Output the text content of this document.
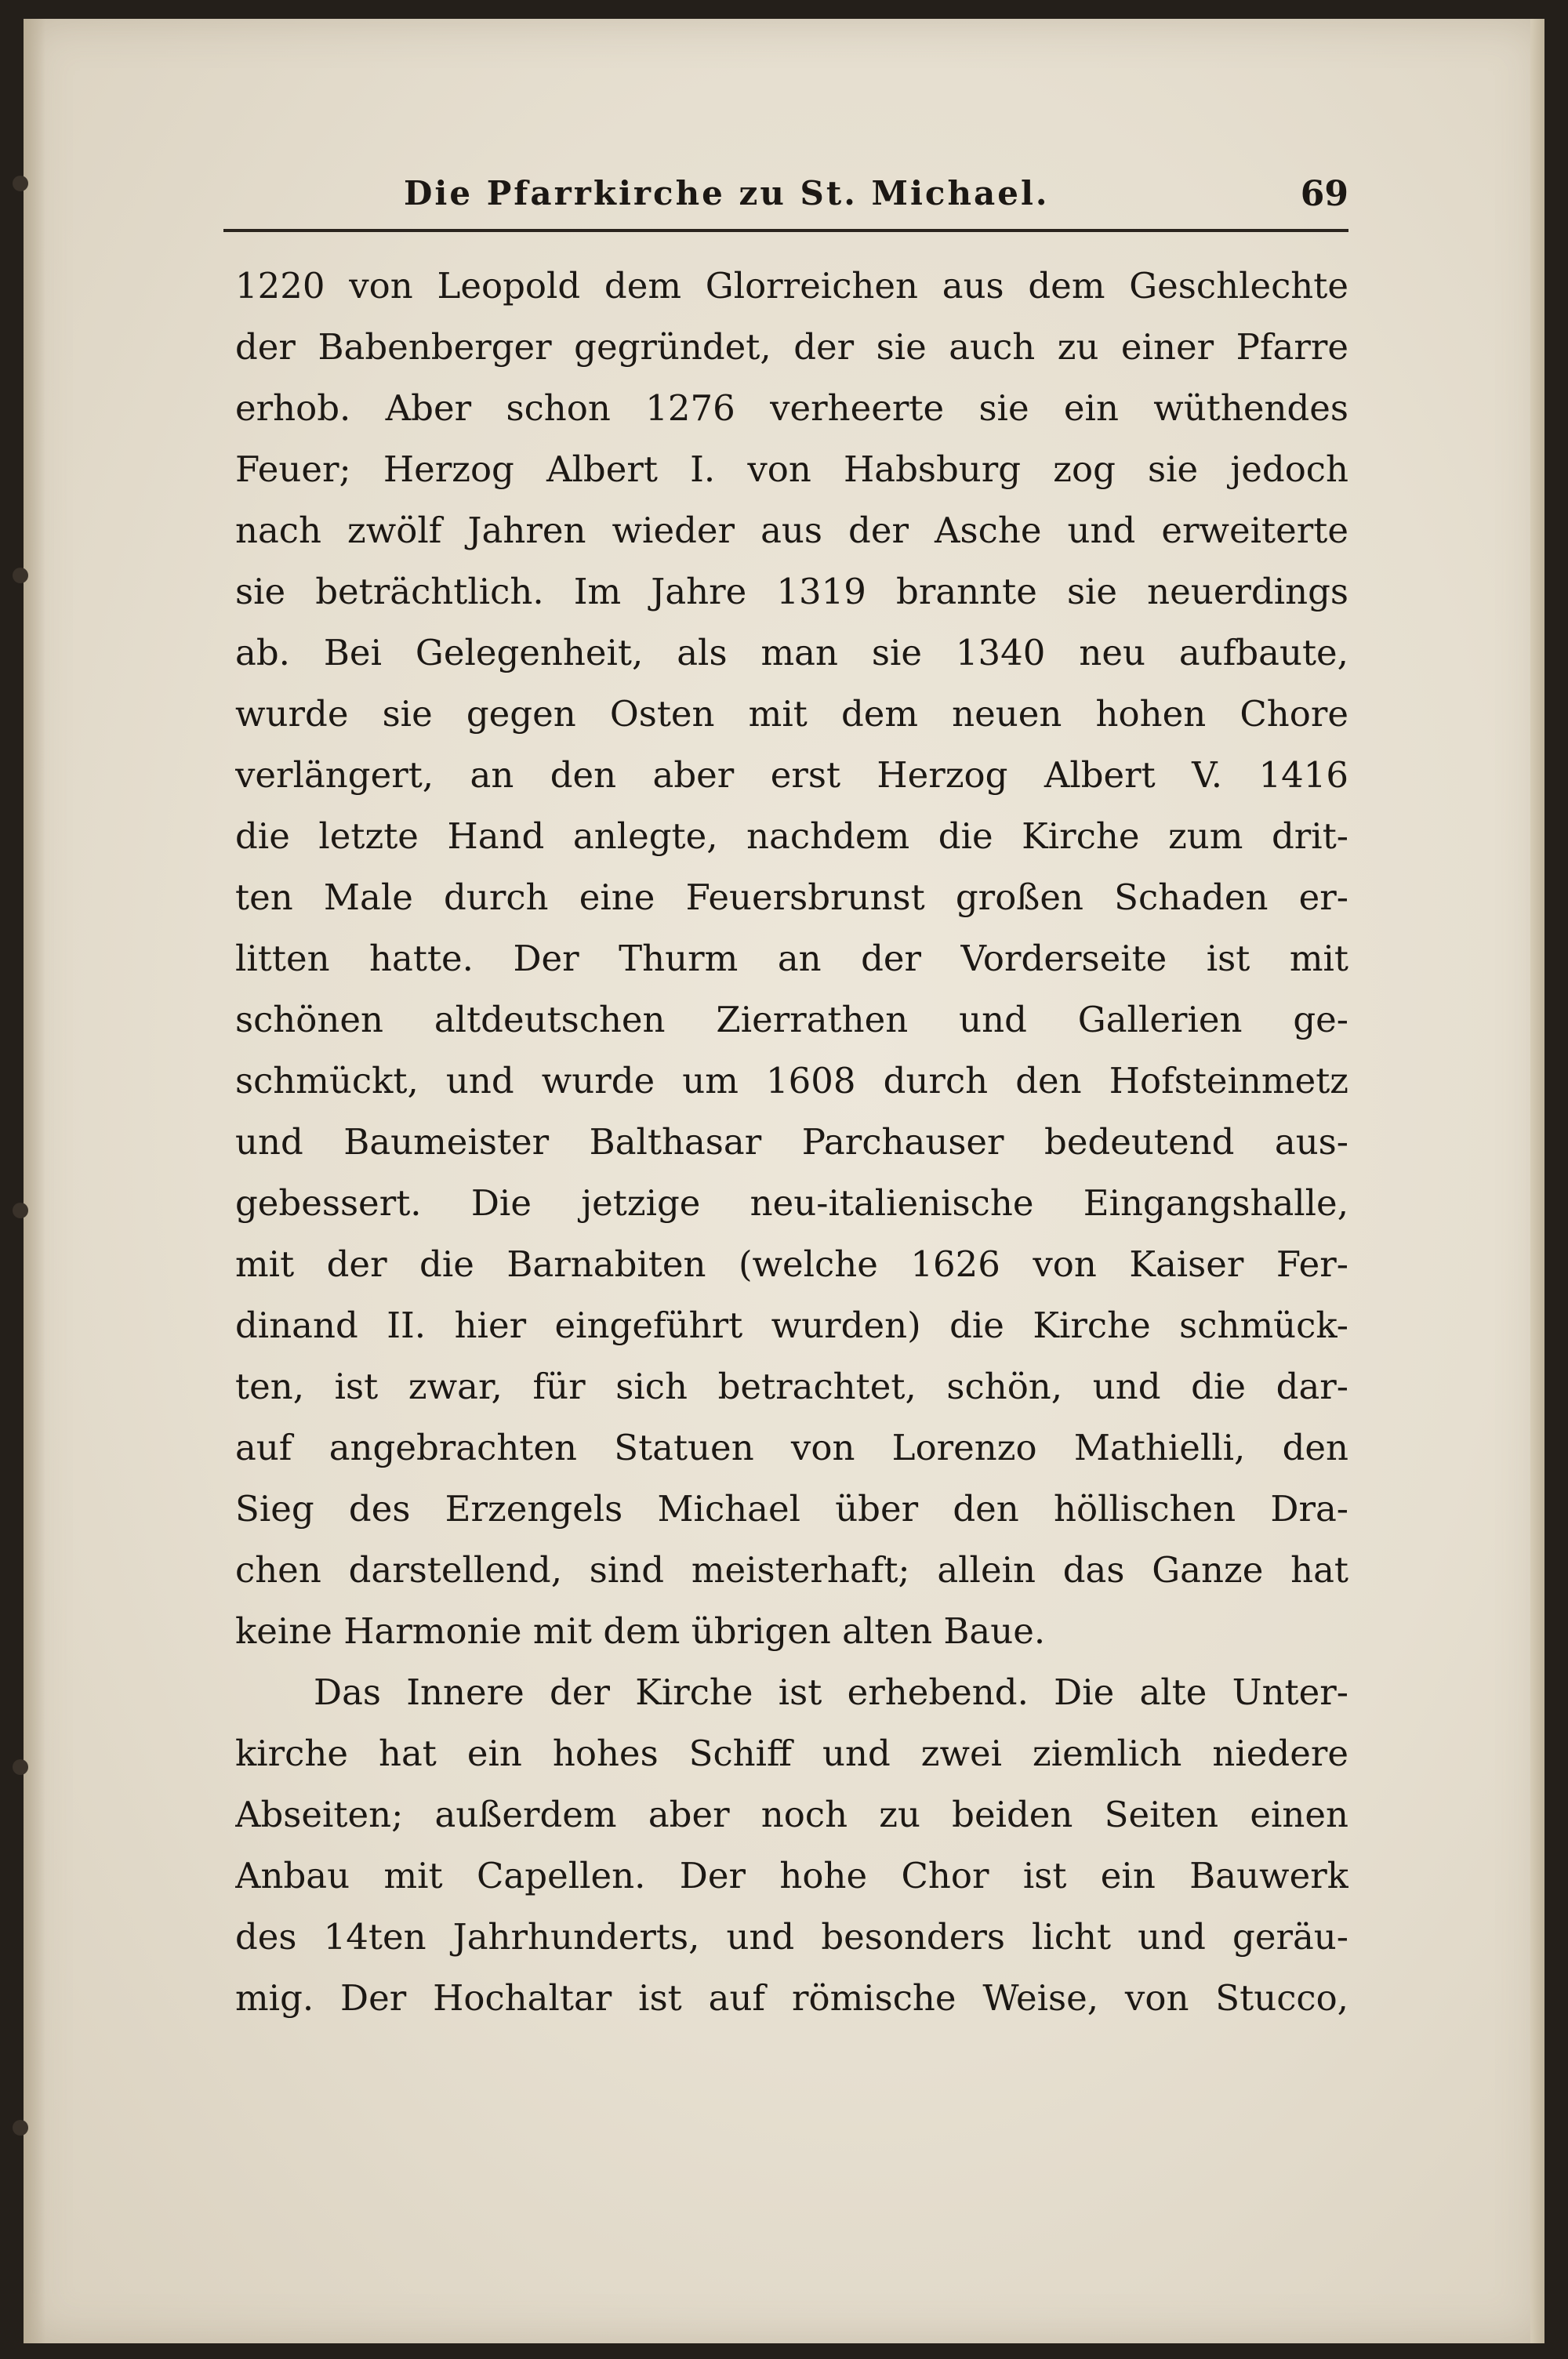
Die Pfarrkirche zu St. Michael.	69
1220 von Leopold dem Glorreichen aus dem Geschlechte
der Babenberger gegründet, der sie auch zu einer Pfarre
erhob. Aber schon 1276 verheerte sie ein wüthendes
Feuer; Herzog Albert I. von Habsburg zog sie jedoch
nach zwölf Jahren wieder aus der Asche und erweiterte
sie beträchtlich. Im Jahre 1319 brannte sie neuerdings
ab. Bei Gelegenheit, als man sie 1340 neu aufbaute,
wurde sie gegen Osten mit dem neuen hohen Chore
verlängert, an den aber erst Herzog Albert V. 1416
die letzte Hand anlegte, nachdem die Kirche zum drit-
ten Male durch eine Feuersbrunst großen Schaden er-
litten hatte. Der Thurm an der Vorderseite ist mit
schönen altdeutschen Zierrathen und Gallerien ge-
schmückt, und wurde um 1608 durch den Hofsteinmetz
und Baumeister Balthasar Parchauser bedeutend aus-
gebessert. Die jetzige neu-italienische Eingangshalle,
mit der die Barnabiten (welche 1626 von Kaiser Fer-
dinand II. hier eingeführt wurden) die Kirche schmück-
ten, ist zwar, für sich betrachtet, schön, und die dar-
auf angebrachten Statuen von Lorenzo Mathielli, den
Sieg des Erzengels Michael über den höllischen Dra-
chen darstellend, sind meisterhaft; allein das Ganze hat
keine Harmonie mit dem übrigen alten Baue.
Das Innere der Kirche ist erhebend. Die alte Unter-
kirche hat ein hohes Schiff und zwei ziemlich niedere
Abseiten; außerdem aber noch zu beiden Seiten einen
Anbau mit Capellen. Der hohe Chor ist ein Bauwerk
des 14ten Jahrhunderts, und besonders licht und geräu-
mig. Der Hochaltar ist auf römische Weise, von Stucco,
